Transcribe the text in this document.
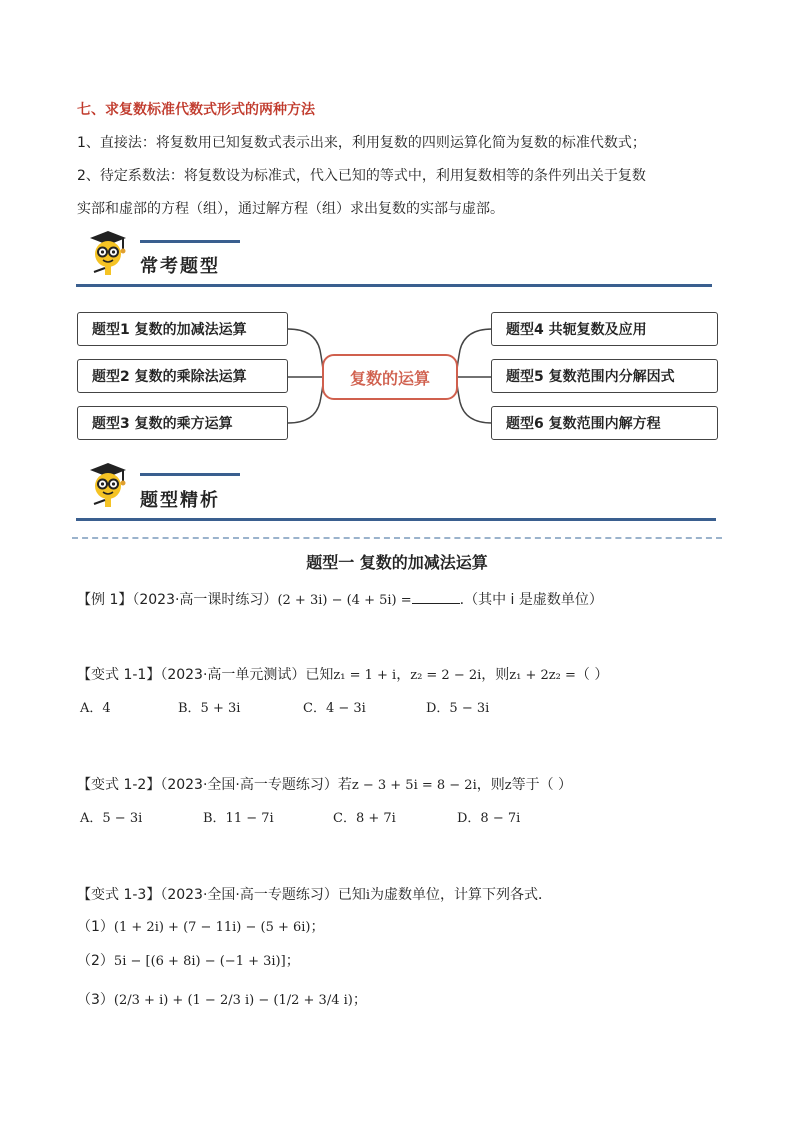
七、求复数标准代数式形式的两种方法
1、直接法：将复数用已知复数式表示出来，利用复数的四则运算化简为复数的标准代数式；
2、待定系数法：将复数设为标准式，代入已知的等式中，利用复数相等的条件列出关于复数
实部和虚部的方程（组），通过解方程（组）求出复数的实部与虚部。
常考题型
题型1 复数的加减法运算
题型2 复数的乘除法运算
题型3 复数的乘方运算
复数的运算
题型4 共轭复数及应用
题型5 复数范围内分解因式
题型6 复数范围内解方程
题型精析
题型一 复数的加减法运算
【例 1】（2023·高一课时练习）(2 + 3i) − (4 + 5i) =	.（其中 i 是虚数单位）
【变式 1-1】（2023·高一单元测试）已知z₁ = 1 + i，z₂ = 2 − 2i，则z₁ + 2z₂ =（ ）
A．4	B．5 + 3i	C．4 − 3i	D．5 − 3i
【变式 1-2】（2023·全国·高一专题练习）若z − 3 + 5i = 8 − 2i，则z等于（ ）
A．5 − 3i	B．11 − 7i	C．8 + 7i	D．8 − 7i
【变式 1-3】（2023·全国·高一专题练习）已知i为虚数单位，计算下列各式．
（1）(1 + 2i) + (7 − 11i) − (5 + 6i)；
（2）5i − [(6 + 8i) − (−1 + 3i)]；
（3）(2/3 + i) + (1 − 2/3 i) − (1/2 + 3/4 i)；
